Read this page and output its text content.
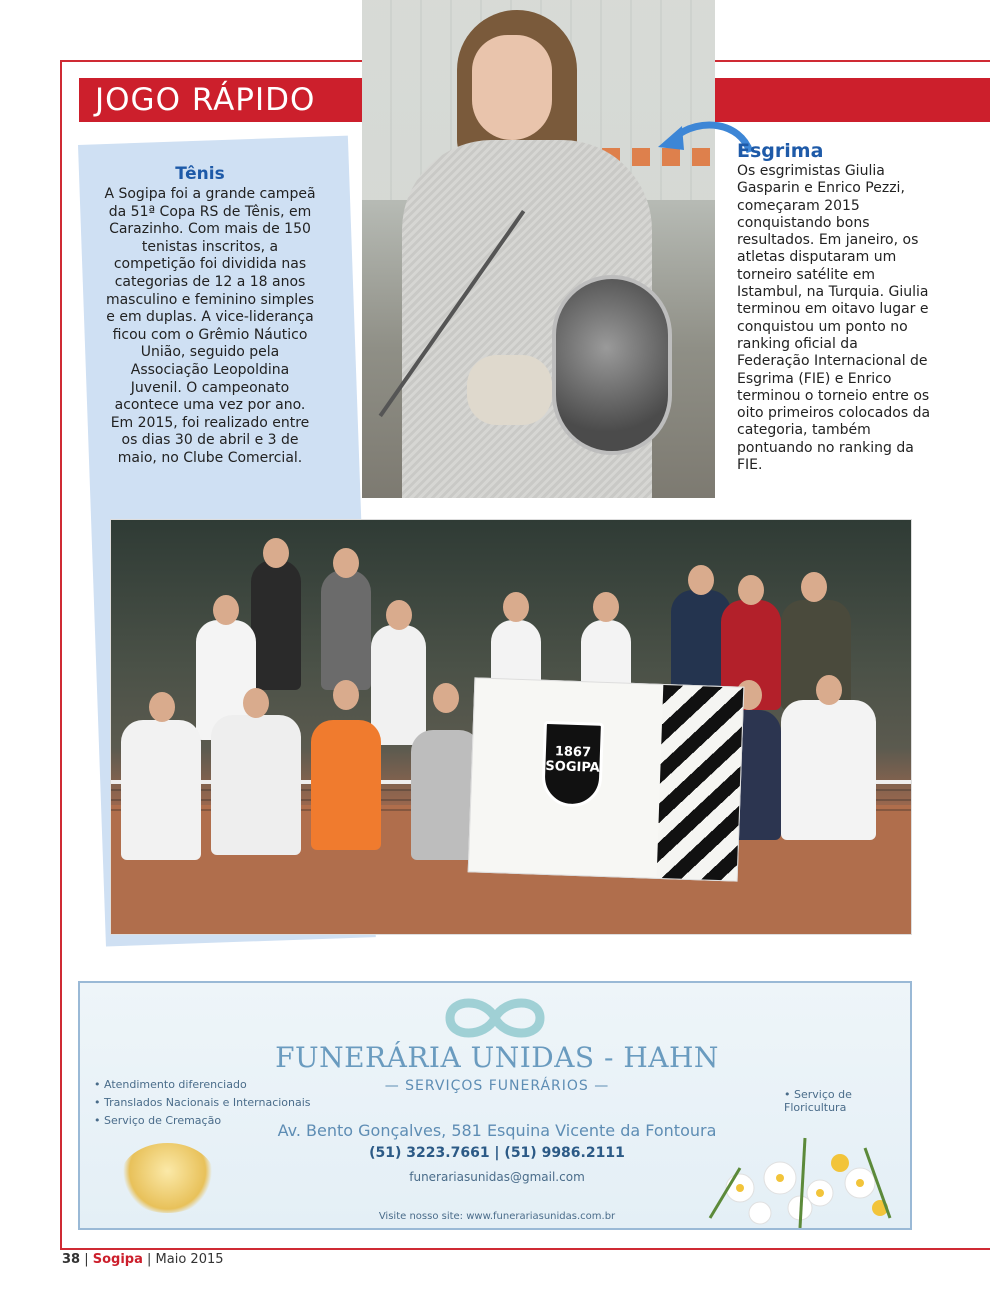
JOGO RÁPIDO
Tênis
A Sogipa foi a grande campeã da 51ª Copa RS de Tênis, em Carazinho. Com mais de 150 tenistas inscritos, a competição foi dividida nas categorias de 12 a 18 anos masculino e feminino simples e em duplas. A vice-liderança ficou com o Grêmio Náutico União, seguido pela Associação Leopoldina Juvenil. O campeonato acontece uma vez por ano. Em 2015, foi realizado entre os dias 30 de abril e 3 de maio, no Clube Comercial.
Esgrima
Os esgrimistas Giulia Gasparin e Enrico Pezzi, começaram 2015 conquistando bons resultados. Em janeiro, os atletas disputaram um torneiro satélite em Istambul, na Turquia. Giulia terminou em oitavo lugar e conquistou um ponto no ranking oficial da Federação Internacional de Esgrima (FIE) e Enrico terminou o torneio entre os oito primeiros colocados da categoria, também pontuando no ranking da FIE.
1867 SOGIPA
FUNERÁRIA UNIDAS - HAHN
— SERVIÇOS FUNERÁRIOS —
• Atendimento diferenciado
• Translados Nacionais e Internacionais
• Serviço de Cremação
• Serviço de Floricultura
Av. Bento Gonçalves, 581 Esquina Vicente da Fontoura
(51) 3223.7661 | (51) 9986.2111
funerariasunidas@gmail.com
Visite nosso site: www.funerariasunidas.com.br
38 | Sogipa | Maio 2015
